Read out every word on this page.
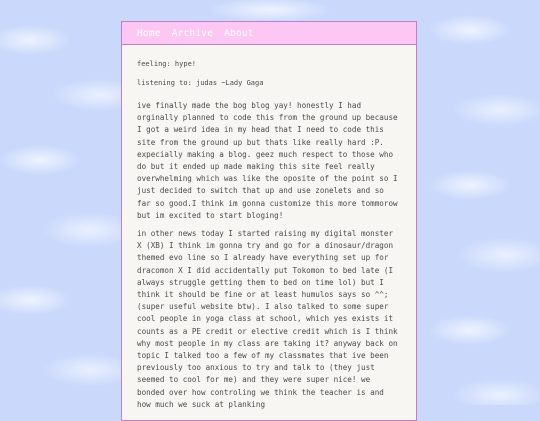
Home Archive About

feeling: hype!

listening to: judas ~Lady Gaga

ive finally made the bog blog yay! honestly I had orginally planned to code this from the ground up because I got a weird idea in my head that I need to code this site from the ground up but thats like really hard :P. expecially making a blog. geez much respect to those who do but it ended up made making this site feel really overwhelming which was like the oposite of the point so I just decided to switch that up and use zonelets and so far so good.I think im gonna customize this more tommorow but im excited to start bloging!

in other news today I started raising my digital monster X (XB) I think im gonna try and go for a dinosaur/dragon themed evo line so I already have everything set up for dracomon X I did accidentally put Tokomon to bed late (I always struggle getting them to bed on time lol) but I think it should be fine or at least humulos says so ^^; (super useful website btw). I also talked to some super cool people in yoga class at school, which yes exists it counts as a PE credit or elective credit which is I think why most people in my class are taking it? anyway back on topic I talked too a few of my classmates that ive been previously too anxious to try and talk to (they just seemed to cool for me) and they were super nice! we bonded over how controling we think the teacher is and how much we suck at planking
